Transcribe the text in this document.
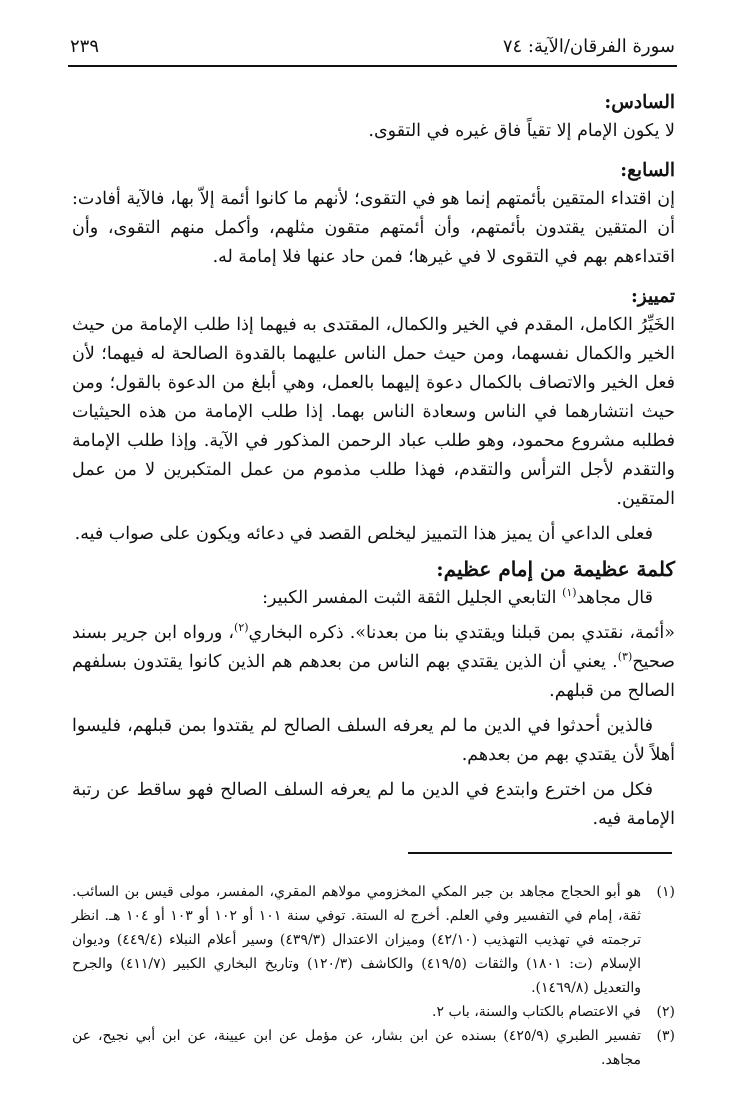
سورة الفرقان/الآية: ٧٤
٢٣٩

السادس:

لا يكون الإمام إلا تقياً فاق غيره في التقوى.

السابع:

إن اقتداء المتقين بأئمتهم إنما هو في التقوى؛ لأنهم ما كانوا أئمة إلاّ بها، فالآية أفادت: أن المتقين يقتدون بأئمتهم، وأن أئمتهم متقون مثلهم، وأكمل منهم التقوى، وأن اقتداءهم بهم في التقوى لا في غيرها؛ فمن حاد عنها فلا إمامة له.

تمييز:

الخَيِّرُ الكامل، المقدم في الخير والكمال، المقتدى به فيهما إذا طلب الإمامة من حيث الخير والكمال نفسهما، ومن حيث حمل الناس عليهما بالقدوة الصالحة له فيهما؛ لأن فعل الخير والاتصاف بالكمال دعوة إليهما بالعمل، وهي أبلغ من الدعوة بالقول؛ ومن حيث انتشارهما في الناس وسعادة الناس بهما. إذا طلب الإمامة من هذه الحيثيات فطلبه مشروع محمود، وهو طلب عباد الرحمن المذكور في الآية. وإذا طلب الإمامة والتقدم لأجل الترأس والتقدم، فهذا طلب مذموم من عمل المتكبرين لا من عمل المتقين.

فعلى الداعي أن يميز هذا التمييز ليخلص القصد في دعائه ويكون على صواب فيه.

كلمة عظيمة من إمام عظيم:

قال مجاهد$^{(١)}$ التابعي الجليل الثقة الثبت المفسر الكبير:

«أئمة، نقتدي بمن قبلنا ويقتدي بنا من بعدنا». ذكره البخاري$^{(٢)}$، ورواه ابن جرير بسند صحيح$^{(٣)}$. يعني أن الذين يقتدي بهم الناس من بعدهم هم الذين كانوا يقتدون بسلفهم الصالح من قبلهم.

فالذين أحدثوا في الدين ما لم يعرفه السلف الصالح لم يقتدوا بمن قبلهم، فليسوا أهلاً لأن يقتدي بهم من بعدهم.

فكل من اخترع وابتدع في الدين ما لم يعرفه السلف الصالح فهو ساقط عن رتبة الإمامة فيه.

(١)
هو أبو الحجاج مجاهد بن جبر المكي المخزومي مولاهم المقري، المفسر، مولى قيس بن السائب. ثقة، إمام في التفسير وفي العلم. أخرج له الستة. توفي سنة ١٠١ أو ١٠٢ أو ١٠٣ أو ١٠٤ هـ. انظر ترجمته في تهذيب التهذيب (٤٢/١٠) وميزان الاعتدال (٤٣٩/٣) وسير أعلام النبلاء (٤٤٩/٤) وديوان الإسلام (ت: ١٨٠١) والثقات (٤١٩/٥) والكاشف (١٢٠/٣) وتاريخ البخاري الكبير (٤١١/٧) والجرح والتعديل (١٤٦٩/٨).
(٢)
في الاعتصام بالكتاب والسنة، باب ٢.
(٣)
تفسير الطبري (٤٢٥/٩) بسنده عن ابن بشار، عن مؤمل عن ابن عيينة، عن ابن أبي نجيح، عن مجاهد.
